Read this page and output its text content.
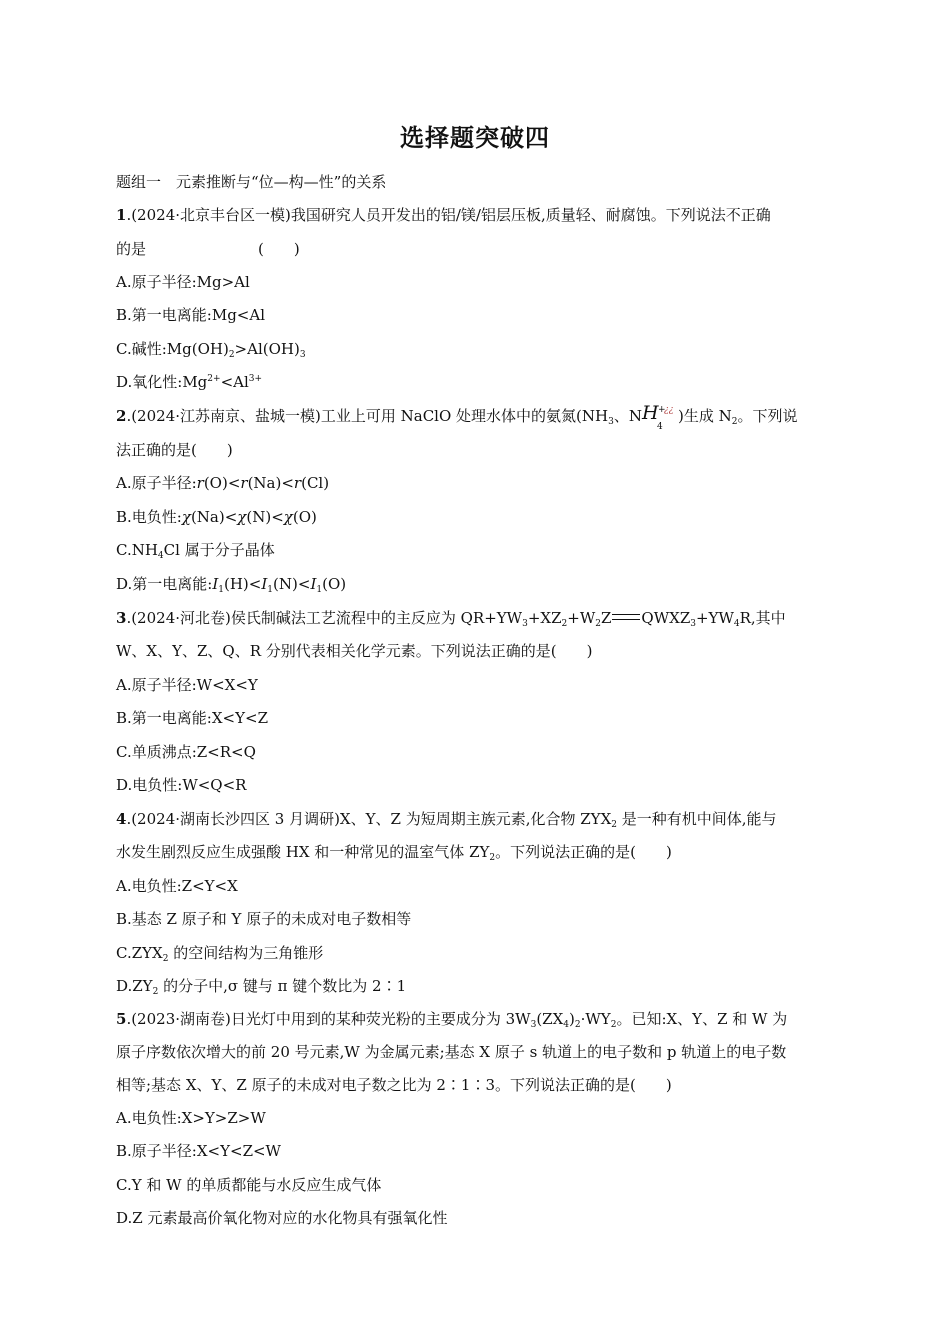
选择题突破四
题组一　元素推断与“位—构—性”的关系
1.(2024·北京丰台区一模)我国研究人员开发出的铝/镁/铝层压板,质量轻、耐腐蚀。下列说法不正确
的是	(　　)
A.原子半径:Mg>Al
B.第一电离能:Mg<Al
C.碱性$:Mg(OH)_2>Al(OH)_3$
D.氧化性$:Mg^{2+}<Al^{3+}$
2.(2024·江苏南京、盐城一模)工业上可用 NaClO 处理水体中的氨氮($NH_3$、N H +
¿¿
4
)生成 $N_2$。下列说
法正确的是(　　)
A.原子半径:r(O)<r(Na)<r(Cl)
B.电负性:χ(Na)<χ(N)<χ(O)
$C.NH_4Cl$ 属于分子晶体
D.第一电离能$:I_1(H)<I_1(N)<I_1(O)$
3.(2024·河北卷)侯氏制碱法工艺流程中的主反应为 $QR+YW_3+XZ_2+W_2Z$ $QWXZ_3+YW_4R$,其中
W、X、Y、Z、Q、R 分别代表相关化学元素。下列说法正确的是(　　)
A.原子半径:W<X<Y
B.第一电离能:X<Y<Z
C.单质沸点:Z<R<Q
D.电负性:W<Q<R
4.(2024·湖南长沙四区 3 月调研)X、Y、Z 为短周期主族元素,化合物 $ZYX_2$ 是一种有机中间体,能与
水发生剧烈反应生成强酸 HX 和一种常见的温室气体 $ZY_2$。下列说法正确的是(　　)
A.电负性:Z<Y<X
B.基态 Z 原子和 Y 原子的未成对电子数相等
$C.ZYX_2$ 的空间结构为三角锥形
$D.ZY_2$ 的分子中,σ 键与 π 键个数比为 2∶1
5.(2023·湖南卷)日光灯中用到的某种荧光粉的主要成分为 $3W_3(ZX_4)_2\cdot WY_2$。已知:X、Y、Z 和 W 为
原子序数依次增大的前 20 号元素,W 为金属元素;基态 X 原子 s 轨道上的电子数和 p 轨道上的电子数
相等;基态 X、Y、Z 原子的未成对电子数之比为 2∶1∶3。下列说法正确的是(　　)
A.电负性:X>Y>Z>W
B.原子半径:X<Y<Z<W
C.Y 和 W 的单质都能与水反应生成气体
D.Z 元素最高价氧化物对应的水化物具有强氧化性
